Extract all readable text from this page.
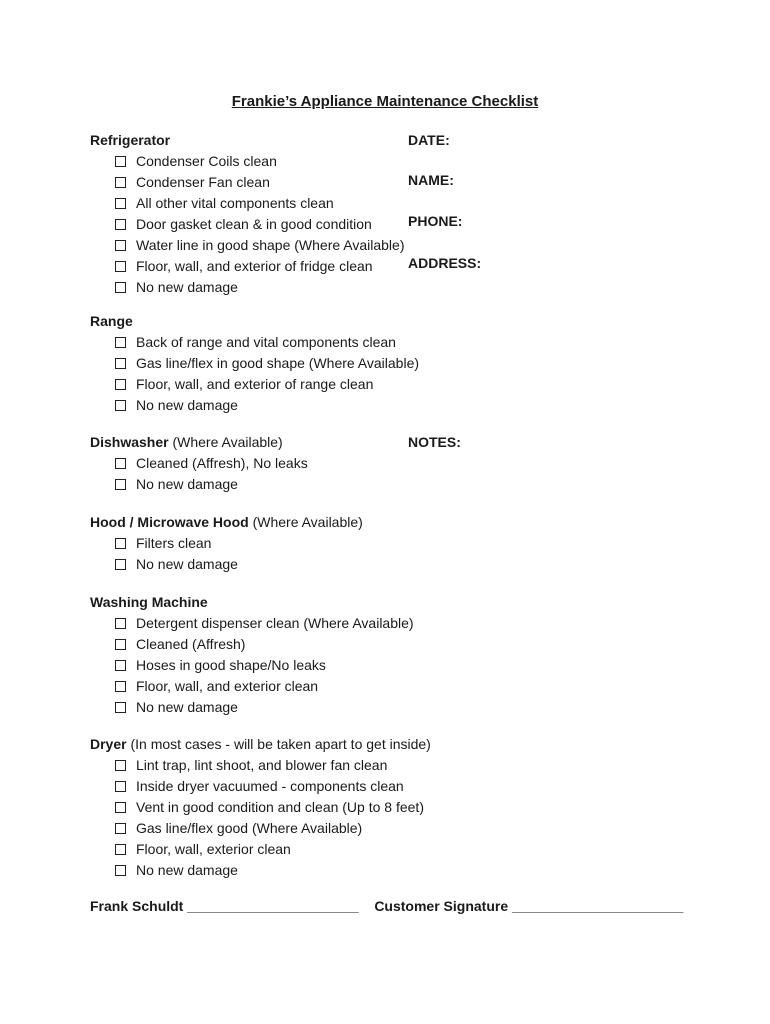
Frankie’s Appliance Maintenance Checklist
DATE:
NAME:
PHONE:
ADDRESS:
NOTES:
Refrigerator
Condenser Coils clean
Condenser Fan clean
All other vital components clean
Door gasket clean & in good condition
Water line in good shape (Where Available)
Floor, wall, and exterior of fridge clean
No new damage
Range
Back of range and vital components clean
Gas line/flex in good shape (Where Available)
Floor, wall, and exterior of range clean
No new damage
Dishwasher (Where Available)
Cleaned (Affresh), No leaks
No new damage
Hood / Microwave Hood (Where Available)
Filters clean
No new damage
Washing Machine
Detergent dispenser clean (Where Available)
Cleaned (Affresh)
Hoses in good shape/No leaks
Floor, wall, and exterior clean
No new damage
Dryer (In most cases - will be taken apart to get inside)
Lint trap, lint shoot, and blower fan clean
Inside dryer vacuumed - components clean
Vent in good condition and clean (Up to 8 feet)
Gas line/flex good (Where Available)
Floor, wall, exterior clean
No new damage
Frank Schuldt ______________________ Customer Signature ______________________
